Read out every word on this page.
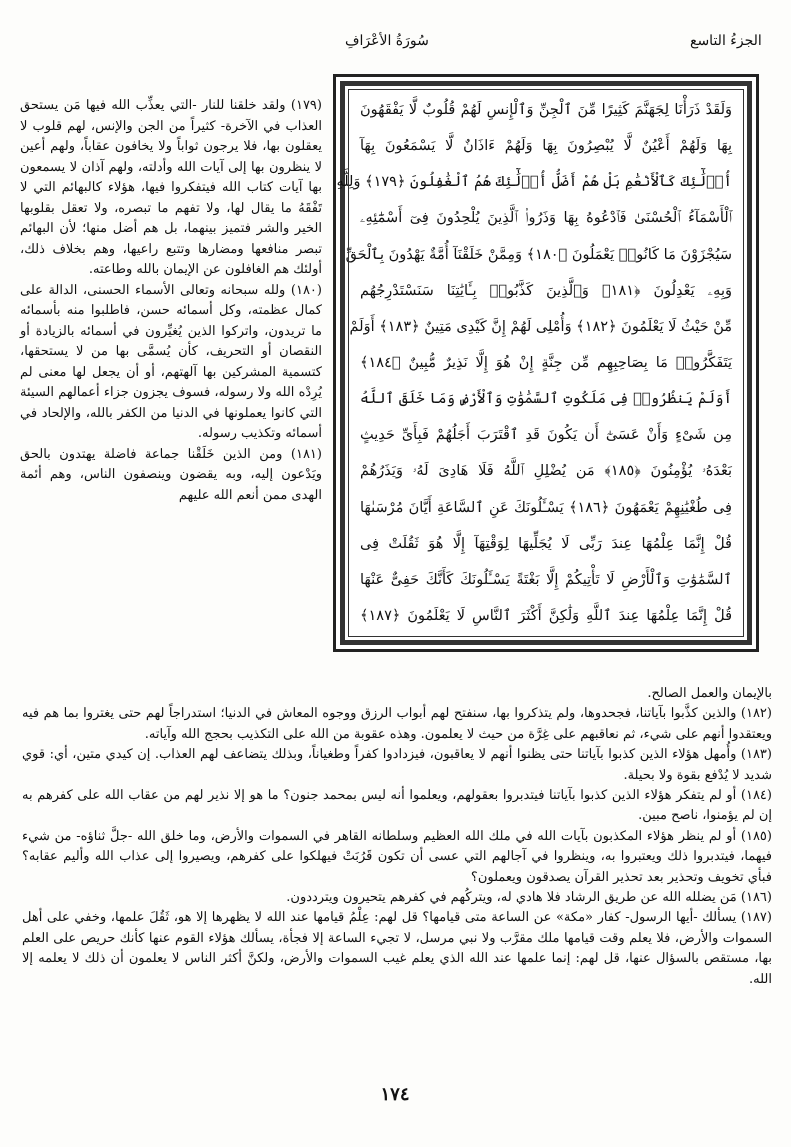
سُورَةُ الأعْرَافِ	الجزءُ التاسع
وَلَقَدْ ذَرَأْنَا لِجَهَنَّمَ كَثِيرًا مِّنَ ٱلْجِنِّ وَٱلْإِنسِ لَهُمْ قُلُوبٌ لَّا يَفْقَهُونَ
بِهَا وَلَهُمْ أَعْيُنٌ لَّا يُبْصِرُونَ بِهَا وَلَهُمْ ءَاذَانٌ لَّا يَسْمَعُونَ بِهَآ
أُو۟لَٰٓئِكَ كَٱلْأَنْعَٰمِ بَلْ هُمْ أَضَلُّ أُو۟لَٰٓئِكَ هُمُ ٱلْغَٰفِلُونَ ﴿١٧٩﴾ وَلِلَّهِ
ٱلْأَسْمَآءُ ٱلْحُسْنَىٰ فَٱدْعُوهُ بِهَا وَذَرُوا۟ ٱلَّذِينَ يُلْحِدُونَ فِىٓ أَسْمَٰٓئِهِۦ
سَيُجْزَوْنَ مَا كَانُوا۟ يَعْمَلُونَ ﴿١٨٠﴾ وَمِمَّنْ خَلَقْنَآ أُمَّةٌ يَهْدُونَ بِٱلْحَقِّ
وَبِهِۦ يَعْدِلُونَ ﴿١٨١﴾ وَٱلَّذِينَ كَذَّبُوا۟ بِـَٔايَٰتِنَا سَنَسْتَدْرِجُهُم
مِّنْ حَيْثُ لَا يَعْلَمُونَ ﴿١٨٢﴾ وَأُمْلِى لَهُمْ إِنَّ كَيْدِى مَتِينٌ ﴿١٨٣﴾ أَوَلَمْ
يَتَفَكَّرُوا۟ مَا بِصَاحِبِهِم مِّن جِنَّةٍ إِنْ هُوَ إِلَّا نَذِيرٌ مُّبِينٌ ﴿١٨٤﴾
أَوَلَمْ يَنظُرُوا۟ فِى مَلَكُوتِ ٱلسَّمَٰوَٰتِ وَٱلْأَرْضِ وَمَا خَلَقَ ٱللَّهُ
مِن شَىْءٍ وَأَنْ عَسَىٰٓ أَن يَكُونَ قَدِ ٱقْتَرَبَ أَجَلُهُمْ فَبِأَىِّ حَدِيثٍ
بَعْدَهُۥ يُؤْمِنُونَ ﴿١٨٥﴾ مَن يُضْلِلِ ٱللَّهُ فَلَا هَادِىَ لَهُۥ وَيَذَرُهُمْ
فِى طُغْيَٰنِهِمْ يَعْمَهُونَ ﴿١٨٦﴾ يَسْـَٔلُونَكَ عَنِ ٱلسَّاعَةِ أَيَّانَ مُرْسَىٰهَا
قُلْ إِنَّمَا عِلْمُهَا عِندَ رَبِّى لَا يُجَلِّيهَا لِوَقْتِهَآ إِلَّا هُوَ ثَقُلَتْ فِى
ٱلسَّمَٰوَٰتِ وَٱلْأَرْضِ لَا تَأْتِيكُمْ إِلَّا بَغْتَةً يَسْـَٔلُونَكَ كَأَنَّكَ حَفِىٌّ عَنْهَا
قُلْ إِنَّمَا عِلْمُهَا عِندَ ٱللَّهِ وَلَٰكِنَّ أَكْثَرَ ٱلنَّاسِ لَا يَعْلَمُونَ ﴿١٨٧﴾

(١٧٩) ولقد خلقنا للنار -التي يعذِّب الله فيها مَن يستحق العذاب في الآخرة- كثيراً من الجن والإنس، لهم قلوب لا يعقلون بها، فلا يرجون ثواباً ولا يخافون عقاباً، ولهم أعين لا ينظرون بها إلى آيات الله وأدلته، ولهم آذان لا يسمعون بها آيات كتاب الله فيتفكروا فيها، هؤلاء كالبهائم التي لا تَفْقَهُ ما يقال لها، ولا تفهم ما تبصره، ولا تعقل بقلوبها الخير والشر فتميز بينهما، بل هم أضل منها؛ لأن البهائم تبصر منافعها ومضارها وتتبع راعيها، وهم بخلاف ذلك، أولئك هم الغافلون عن الإيمان بالله وطاعته.

(١٨٠) ولله سبحانه وتعالى الأسماء الحسنى، الدالة على كمال عظمته، وكل أسمائه حسن، فاطلبوا منه بأسمائه ما تريدون، واتركوا الذين يُغيِّرون في أسمائه بالزيادة أو النقصان أو التحريف، كأن يُسمَّى بها من لا يستحقها، كتسمية المشركين بها آلهتهم، أو أن يجعل لها معنى لم يُرِدْه الله ولا رسوله، فسوف يجزون جزاء أعمالهم السيئة التي كانوا يعملونها في الدنيا من الكفر بالله، والإلحاد في أسمائه وتكذيب رسوله.

(١٨١) ومن الذين خَلَقْنا جماعة فاضلة يهتدون بالحق ويَدْعون إليه، وبه يقضون وينصفون الناس، وهم أئمة الهدى ممن أنعم الله عليهم

بالإيمان والعمل الصالح.

(١٨٢) والذين كذَّبوا بآياتنا، فجحدوها، ولم يتذكروا بها، سنفتح لهم أبواب الرزق ووجوه المعاش في الدنيا؛ استدراجاً لهم حتى يغتروا بما هم فيه ويعتقدوا أنهم على شيء، ثم نعاقبهم على غِرَّة من حيث لا يعلمون. وهذه عقوبة من الله على التكذيب بحجج الله وآياته.

(١٨٣) وأُمهل هؤلاء الذين كذبوا بآياتنا حتى يظنوا أنهم لا يعاقبون، فيزدادوا كفراً وطغياناً، وبذلك يتضاعف لهم العذاب. إن كيدي متين، أي: قوي شديد لا يُدْفع بقوة ولا بحيلة.

(١٨٤) أو لم يتفكر هؤلاء الذين كذبوا بآياتنا فيتدبروا بعقولهم، ويعلموا أنه ليس بمحمد جنون؟ ما هو إلا نذير لهم من عقاب الله على كفرهم به إن لم يؤمنوا، ناصح مبين.

(١٨٥) أو لم ينظر هؤلاء المكذبون بآيات الله في ملك الله العظيم وسلطانه القاهر في السموات والأرض، وما خلق الله -جلَّ ثناؤه- من شيء فيهما، فيتدبروا ذلك ويعتبروا به، وينظروا في آجالهم التي عسى أن تكون قَرُبَتْ فيهلكوا على كفرهم، ويصيروا إلى عذاب الله وأليم عقابه؟ فبأي تخويف وتحذير بعد تحذير القرآن يصدقون ويعملون؟

(١٨٦) مَن يضلله الله عن طريق الرشاد فلا هادي له، ويتركُهم في كفرهم يتحيرون ويترددون.

(١٨٧) يسألك -أيها الرسول- كفار «مكة» عن الساعة متى قيامها؟ قل لهم: عِلْمُ قيامها عند الله لا يظهرها إلا هو، ثَقُلَ علمها، وخفي على أهل السموات والأرض، فلا يعلم وقت قيامها ملك مقرَّب ولا نبي مرسل، لا تجيء الساعة إلا فجأة، يسألك هؤلاء القوم عنها كأنك حريص على العلم بها، مستقص بالسؤال عنها، قل لهم: إنما علمها عند الله الذي يعلم غيب السموات والأرض، ولكنَّ أكثر الناس لا يعلمون أن ذلك لا يعلمه إلا الله.

١٧٤
